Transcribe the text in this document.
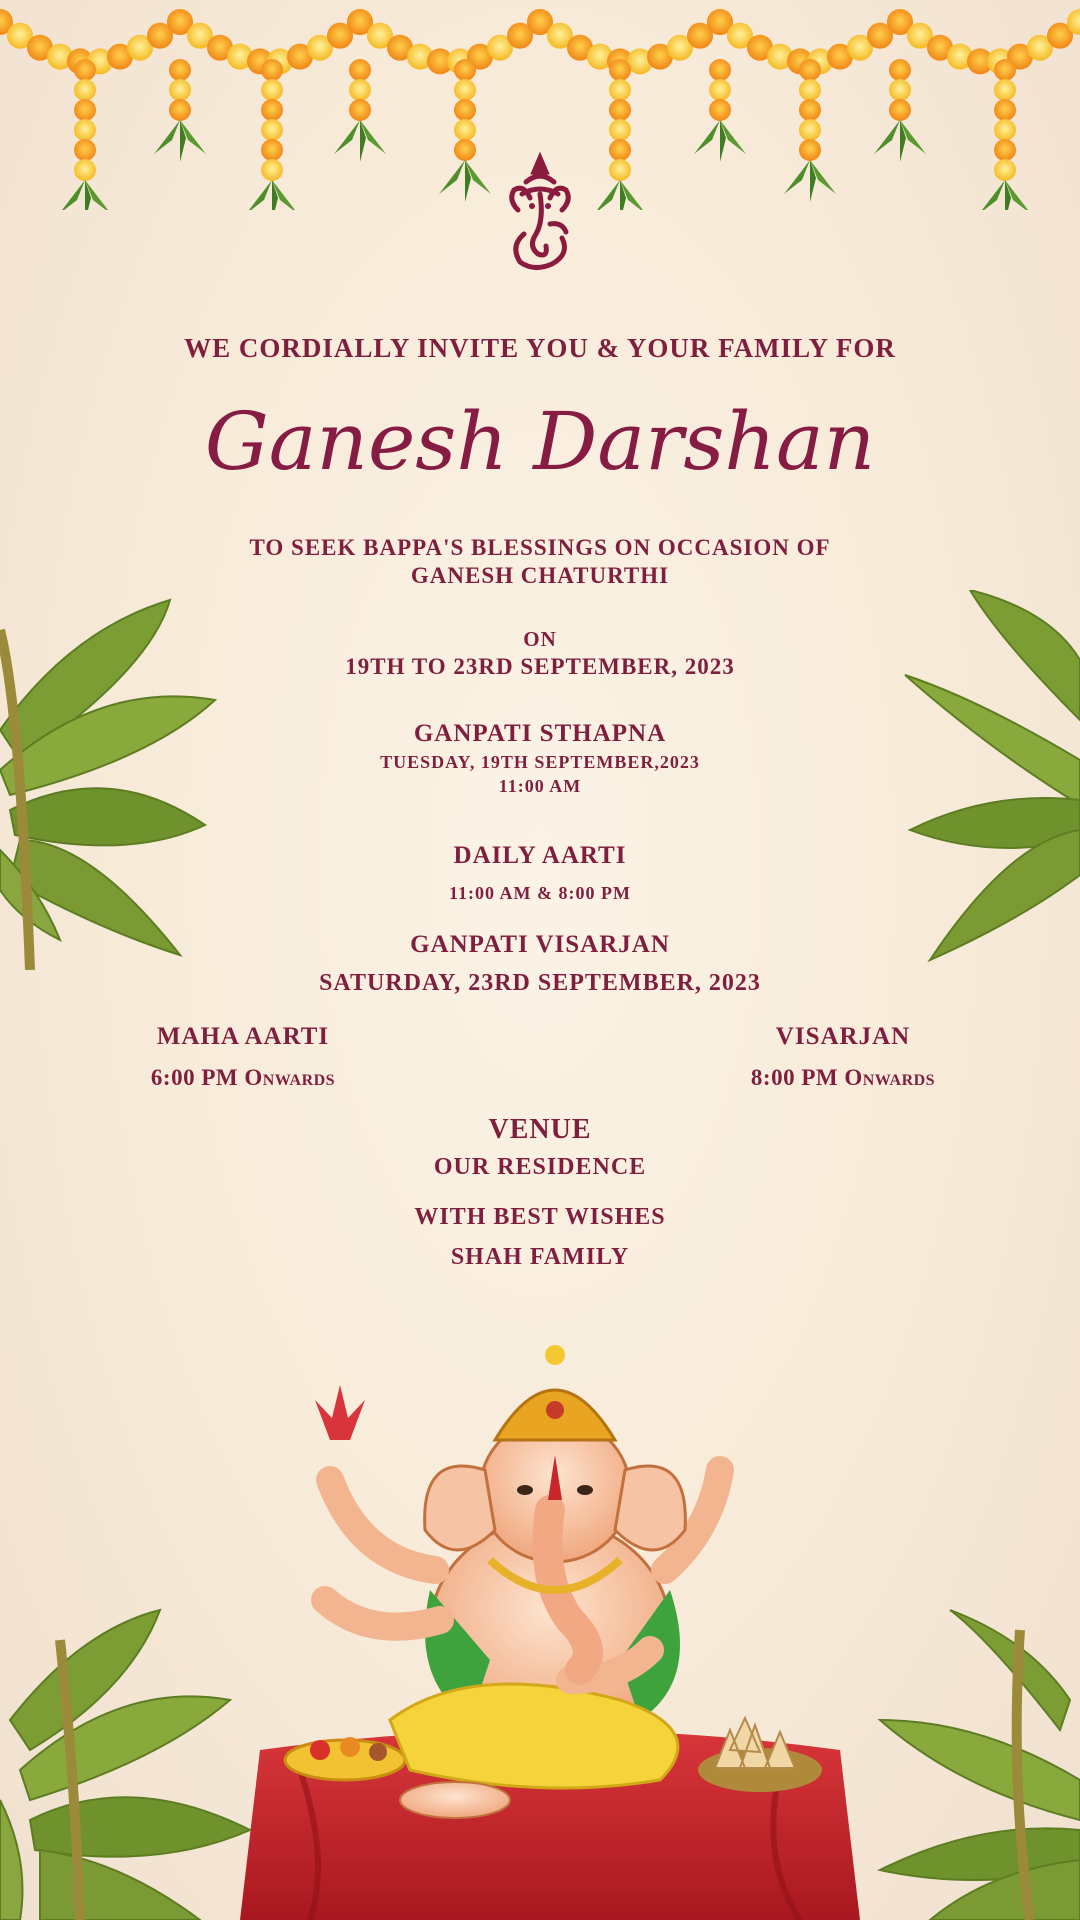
WE CORDIALLY INVITE YOU & YOUR FAMILY FOR
Ganesh Darshan
TO SEEK BAPPA'S BLESSINGS ON OCCASION OF
GANESH CHATURTHI
ON
19TH TO 23RD SEPTEMBER, 2023
GANPATI STHAPNA
TUESDAY, 19TH SEPTEMBER,2023
11:00 AM
DAILY AARTI
11:00 AM & 8:00 PM
GANPATI VISARJAN
SATURDAY, 23RD SEPTEMBER, 2023
MAHA AARTI
6:00 PM Onwards
VISARJAN
8:00 PM Onwards
VENUE
OUR RESIDENCE
WITH BEST WISHES
SHAH FAMILY
